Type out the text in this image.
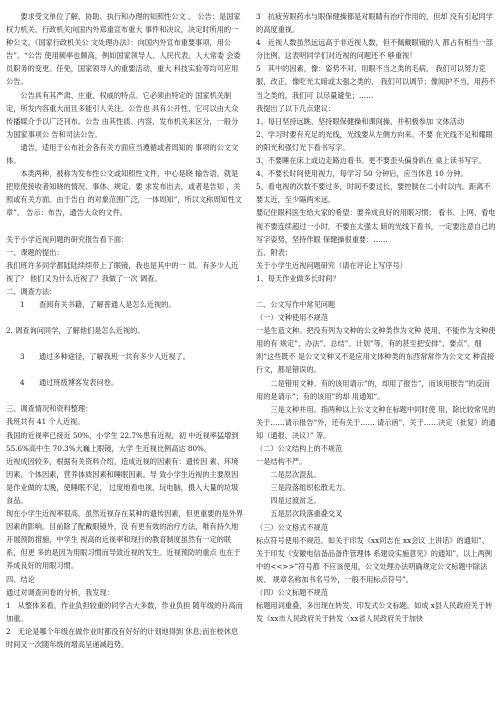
　　要求受文单位了解、协助、执行和办理的知照性公文 。 公告：是国家权力机关、行政机关向国内外郑重宣布重大 事件和决议，决定时所用的一种公文。《国家行政机关公 文处理办法》：向国内外宣布重要事项，用公告”。“公告 使用频率也颇高，例如国家领导人、人民代表、人大常委 会委员职务的变更。任免，国家领导人的重要活动，重大 科技实验等均可应用公告。

　　公告具有其严肃、庄重、权威的特点。它必须由特定的 国家机关制定，所发内容重大而且多能引人关注。公告也 具有公开性，它可以由大众传播媒介予以广泛刊布。公告 由其性质、内容、发布机关来区分，一般分为国家事项公 告和司法公告。

　　通告，适用于公布社会各有关方面应当遵循或者周知的 事项的公文文体。

　　本类两种，被称为发布性公文或知照性文件，中心是晓 输告语，就是把原使接收者知晓的情况、事体、规定、要 求发布出去，或者是告知 ，关照或有关方面。由于告白 的对象范围广泛，一体周知”，所以文称周知性文章”。 告示：布告，通告大众的文件。

关于小学近视问题的研究报告看下面：

一、课题的提出：

我们班许多同学都陆陆续续带上了眼镜，我也是其中的一 员。有多少人近视了？ 他们又为什么近视了？我做了一次 调查。

二、调查方法：

1　　查阅有关书籍，了解普通人是怎么近视的。

2. 调查询问同学，了解他们是怎么近视的。

3　　通过多种途径，了解我班一共有多少人近视了。

4　　通过班级博客发表问卷。

三、调查情况和资料整理：

我班共有 41 个人近视。

我国的近视率已接近 50%，小学生 22.7%患有近视，初 中近视率猛增到 55.6%高中生 70.3%大巍上眼镜，大学 生近视比例高达 80%。

近视成因较多，根据有关资料介绍，造成近视的因素有：遗传因 素、环境因素、个体因素，营养体质因素和睡眠因素。导 致小学生近视的主要原因是作业做的太晚，使睡眠不足， 过度地看电视、玩电脑，摄入大量的垃圾食品。

现在小学生近视率很高，虽然近视存在某种的遗传因素，但更重要的是外界因素的影响。目前除了配戴眼镜外，没 有更有效的治疗方法，唯有持久地开展预防措施，中学生 视高的近视率和现行的教育制度虽然有一定的联系，但更 多的是因为用眼习惯而导致近视的发生。近视预防的重点 也在于养成良好的用眼习惯。

四、结论

通过对调查问卷的分析，我发现：

1　从整体来看，作业负担较重的同学占大多数，作业负担 随年级的升高而加重。

2　无论是哪个年级在做作业时都没有好好的计划地得到 休息;而在校休息时间又一次随年级的增高呈递减趋势。

3　抗疲劳眼药水与眼保健操都是对眼睛有治疗作用的，但却 没有引起同学的高度重视。

4　近视人数虽然远远高于非近视人数，但不佩戴眼镜的人 都占有相当一部分比例。这表明同学们对近视的问题还不 够重视！

5　其中的因素，像：姿势不对、用眼不当之类的毛病， 我们可以努力克服，改正，像吃光太暗或太强之类的， 我们可以调节；像阅护不当，用药不当之类的，我们可 以尽量避免；……

我提出了以下几点建议：

1、每日坚持远眺、坚持眼保健操和课间操，并积极参加 文体活动

2、学习时要有充足的光线，光线要从左侧方向来。不要 在光线不足和耀眼的阳光和强灯光下看书写字。

3、不要睡在床上或边走路边看书。更不要歪头偏身趴在 桌上读书写字。

4、不要长时间使用视力，每学习 50 分钟后，应当休息 10 分钟。

5、看电视的次数不要过多，时间不要过长，要控制在二小时以内。距离不要太近，至少隔两米远。

要记住眼科医生给大家的希望：要养成良好的用眼习惯； 看书、上网、看电视不要连续超过一小时，不要在太强太 暗的光线下看书，一定要注意自己的写字姿势，坚持作眼 保健操很重要：……

五、附表：

关于小学生近视问题研究（请在评论上写序号）

1、每天作业做多长时间？

二、公文写作中常见问题

（一）文种使用不规范

一是生造文种。把没有列为文种的公文种类作为文种 使用，不能作为文种使用的有 规定”、办法”、总结”、计划”等，有的甚至把安排”、要点”、细则”这些既不 是公文文种又不是应用文体种类的东西常常作为公文文 种直接行文，都是错误的。

　　二是错用文种。有的该用请示”的，却用了报告”，而该用报告”的反而用的是请示”；有的该用”的却 用通知”。

　　三是文种并用。指两种以上公文文种在标题中同时使 用，除比较常见的关于……请示报告”外，还有关于…… 请示函”、关于……决定（批复）的通知（通报、决议）” 等。

（二）公文结构上的不规范

一是结构不严。

　　二是层次混乱。

　　三是段落组织松散无力。

　　四是过渡贫乏。

　　五是层次段落重叠交叉

（三）公文格式不规范

标点符号使用不规范。如关于印发《xx同志在 xx会议 上讲话》的通知”、关于印发《安徽电信备品备件管理体 系建设实施意见》的通知”，以上两例中的<<>>”符号都 不应该使用，公文处理办法明确规定公文标题中除法规、 规章名称加书名号外，一般不用标点符号”。

（四）公文标题不规范

标题用词重叠，多出现在转发、印发式公文标题。如成 x县人民政府关于转发《xx市人民政府关于转发〈xx省人民政府关于加快
